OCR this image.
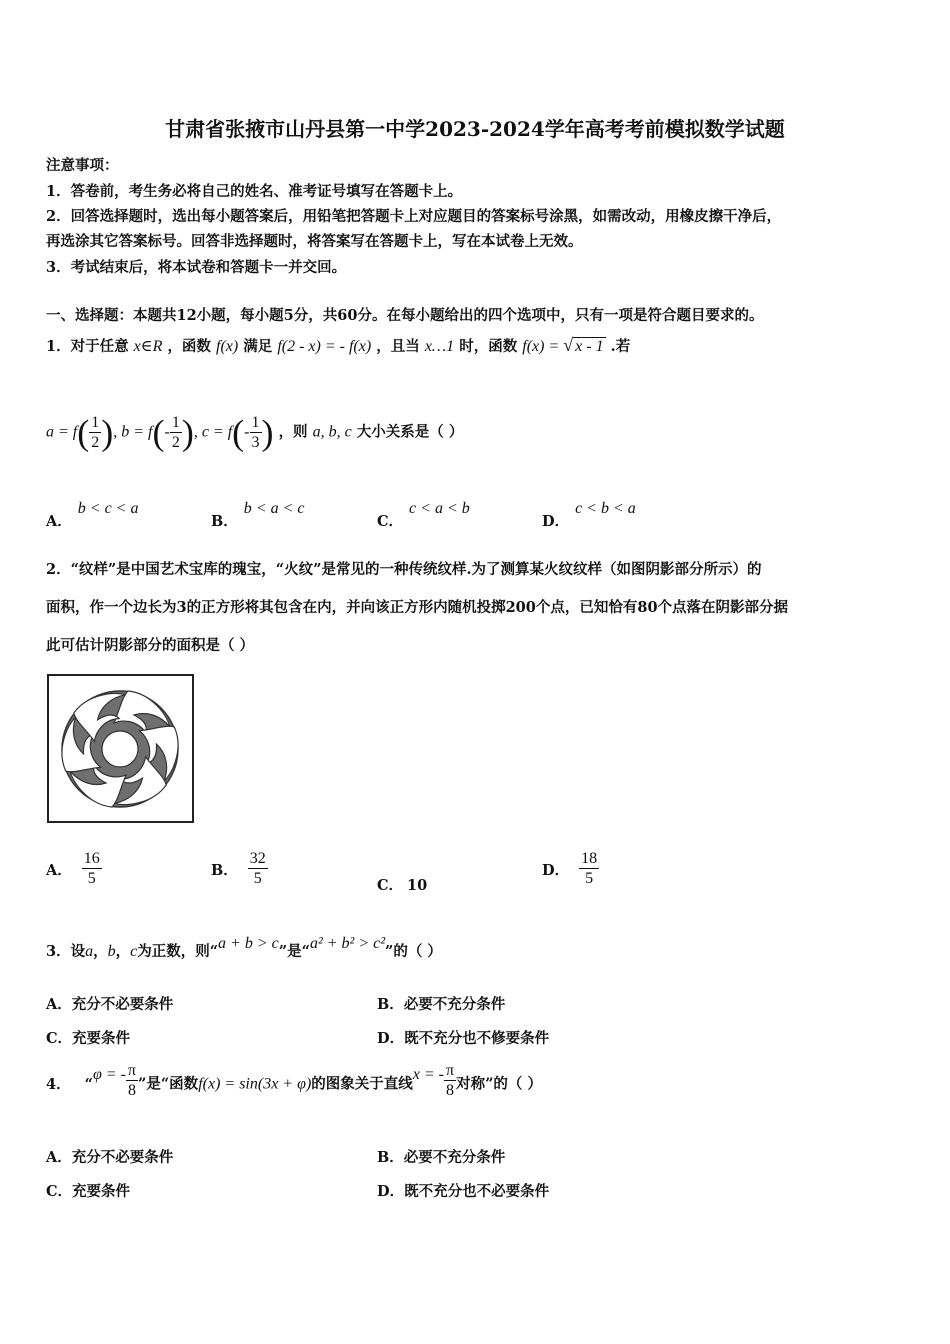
甘肃省张掖市山丹县第一中学2023-2024学年高考考前模拟数学试题
注意事项：
1．答卷前，考生务必将自己的姓名、准考证号填写在答题卡上。
2．回答选择题时，选出每小题答案后，用铅笔把答题卡上对应题目的答案标号涂黑，如需改动，用橡皮擦干净后，
再选涂其它答案标号。回答非选择题时，将答案写在答题卡上，写在本试卷上无效。
3．考试结束后，将本试卷和答题卡一并交回。
一、选择题：本题共12小题，每小题5分，共60分。在每小题给出的四个选项中，只有一项是符合题目要求的。
1．对于任意 x∈R ，函数 f(x) 满足 f(2 - x) = - f(x) ，且当 x…1 时，函数 f(x) = √ x - 1 .若
$a = f( \frac{1}{2}$ ), $b = f(- \frac{1}{2}$ ), $c = f(- \frac{1}{3}$ ) ，则 a, b, c 大小关系是（ ）
A．b < c < a
B．b < a < c
C．c < a < b
D．c < b < a
2．“纹样”是中国艺术宝库的瑰宝，“火纹”是常见的一种传统纹样.为了测算某火纹纹样（如图阴影部分所示）的
面积，作一个边长为3的正方形将其包含在内，并向该正方形内随机投掷200个点，已知恰有80个点落在阴影部分据
此可估计阴影部分的面积是（ ）
A． $\frac{16}{5}$	B． $\frac{32}{5}$	C． 10
D． $\frac{18}{5}$
3．设a，b，c为正数，则“a + b > c”是“a² + b² > c²”的（ ）
A．充分不必要条件	B．必要不充分条件
C．充要条件	D．既不充分也不修要条件
4． “φ = - $\frac{\pi}{8}$ ”是“函数f(x) = sin(3x + φ)的图象关于直线x = - $\frac{\pi}{8}$ 对称”的（ ）
A．充分不必要条件	B．必要不充分条件
C．充要条件	D．既不充分也不必要条件
